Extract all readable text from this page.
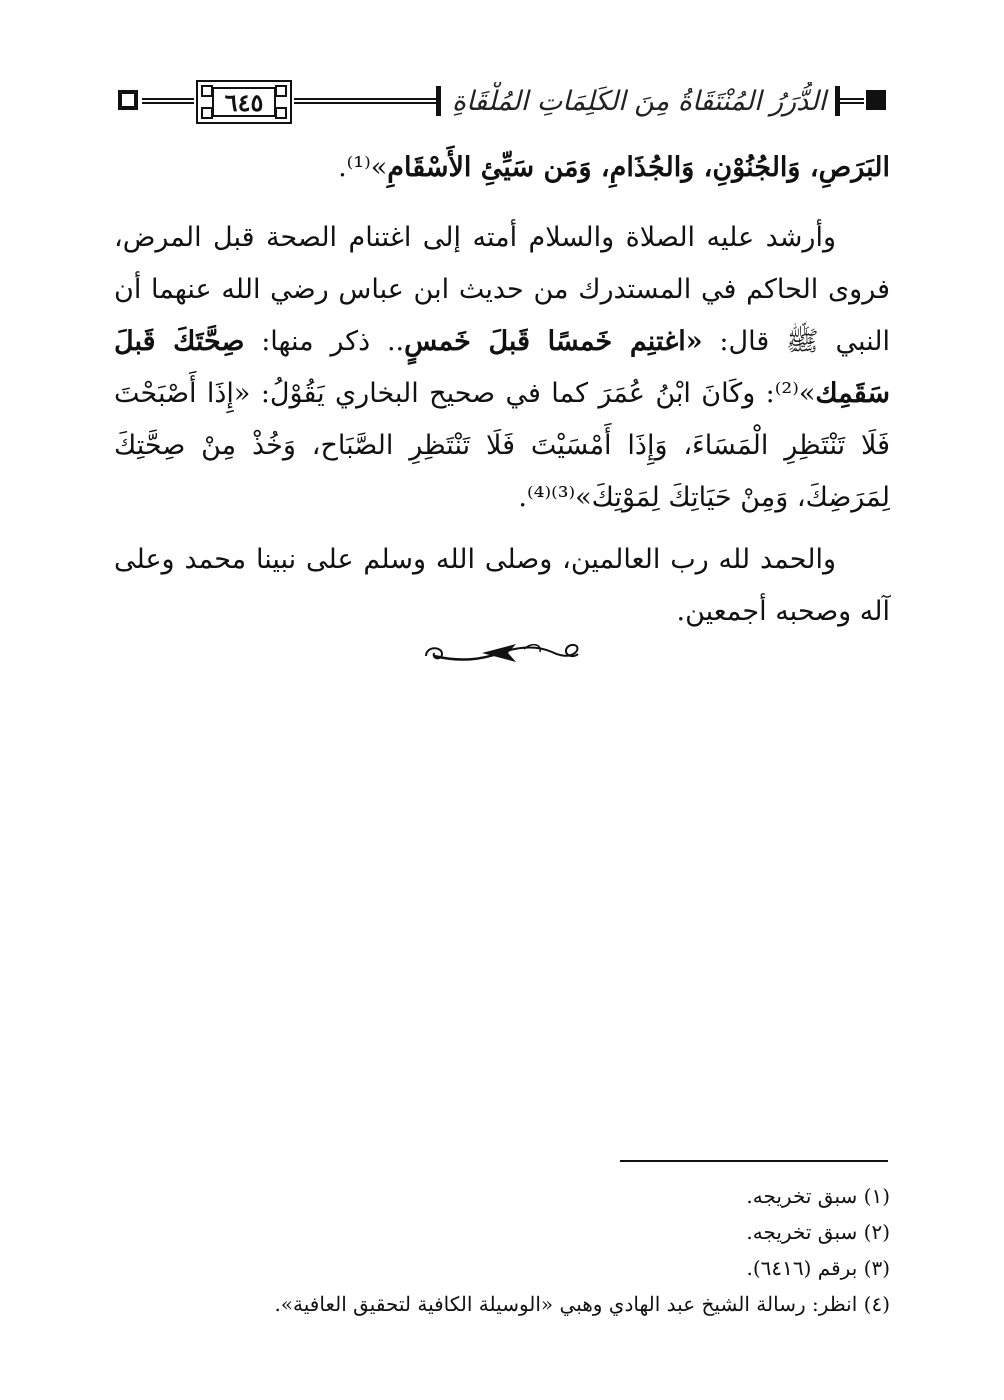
٦٤٥	الدُّرَرُ المُنْتَقَاةُ مِنَ الكَلِمَاتِ المُلْقَاةِ

البَرَصِ، وَالجُنُوْنِ، وَالجُذَامِ، وَمَن سَيِّئِ الأَسْقَامِ»⁽¹⁾.

  وأرشد عليه الصلاة والسلام أمته إلى اغتنام الصحة قبل المرض، فروى الحاكم في المستدرك من حديث ابن عباس رضي الله عنهما أن النبي ﷺ قال: «اغتنِم خَمسًا قَبلَ خَمسٍ.. ذكر منها: صِحَّتَكَ قَبلَ سَقَمِك»⁽²⁾: وكَانَ ابْنُ عُمَرَ كما في صحيح البخاري يَقُوْلُ: «إِذَا أَصْبَحْتَ فَلَا تَنْتَظِرِ الْمَسَاءَ، وَإِذَا أَمْسَيْتَ فَلَا تَنْتَظِرِ الصَّبَاح، وَخُذْ مِنْ صِحَّتِكَ لِمَرَضِكَ، وَمِنْ حَيَاتِكَ لِمَوْتِكَ»⁽³⁾⁽⁴⁾.

  والحمد لله رب العالمين، وصلى الله وسلم على نبينا محمد وعلى آله وصحبه أجمعين.

(١) سبق تخريجه.

(٢) سبق تخريجه.

(٣) برقم (٦٤١٦).

(٤) انظر: رسالة الشيخ عبد الهادي وهبي «الوسيلة الكافية لتحقيق العافية».
